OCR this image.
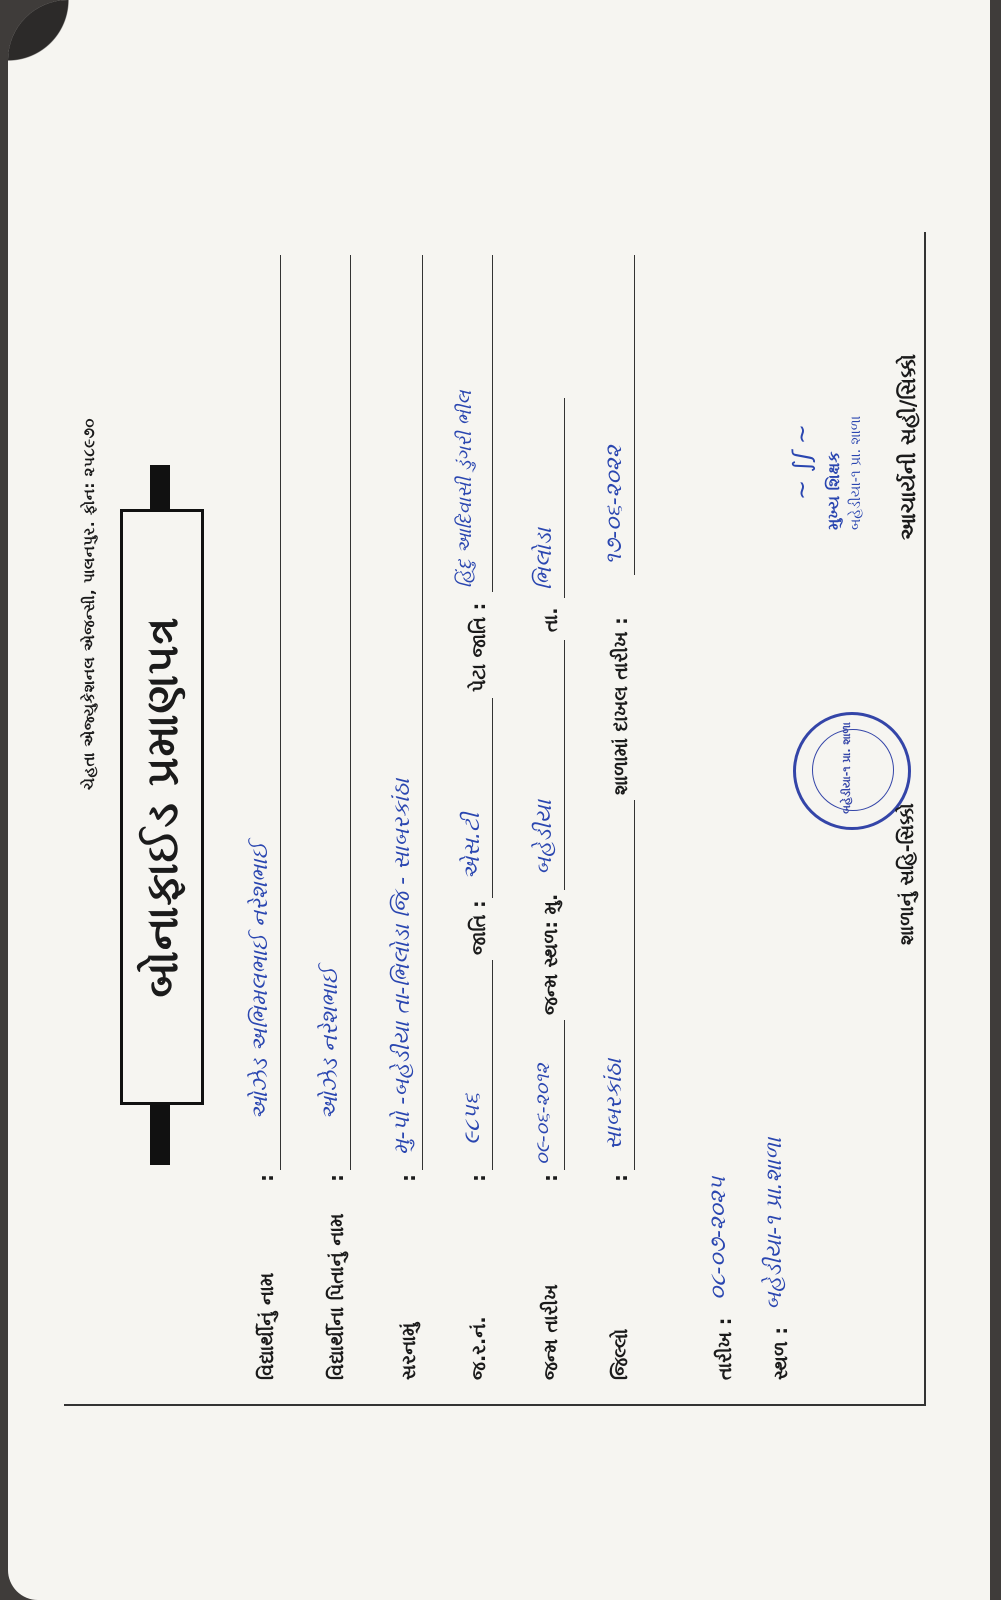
ચેહતા એજ્યુકેશનલ એજન્સી, પાલનપુર. ફોન: ૨૫૮૯૭૦
બોનાફાઈડ પ્રમાણપત્ર
વિદ્યાર્થીનું નામ
:
ઓઝેડ અભિમલભાઈ નરેશભાઈ
વિદ્યાર્થીના પિતાનું નામ
:
ઓઝેડ નરેશભાઈ
સરનામું
:
મુ-પો -બહેડીયા તા-ભિલોડા જિ - સાબરકાંઠા
જ.ર.નં.
:
૯૮૫૬
જાતિ :
એસ.ટી
પેટા જાતિ :
હિંદુ આદિવાસી ડુંગરી ભીલ
જન્મ તારીખ
:
૦૯-૦૬-૨૦૧૨
જન્મ સ્થળ: મુ.
બહેડીયા
તા.
ભિલોડા
જિલ્લો
:
સાબરકાંઠા
શાળામાં દાખલ તારીખ :
૧૭-૦૬-૨૦૨૨
તારીખ :
૦૮-૦૭-૨૦૨૫
સ્થળ :
બહેડીયા-૧ પ્રા.શાળા
બહેડીયા-૧ પ્રા. શાળા
શાળાનું સહિ-સિક્કો
~ ∫ʃ ~ મુખ્ય શિક્ષક બહેડીયા-૧ પ્રા. શાળા આચાર્યની સહી/સિક્કો
